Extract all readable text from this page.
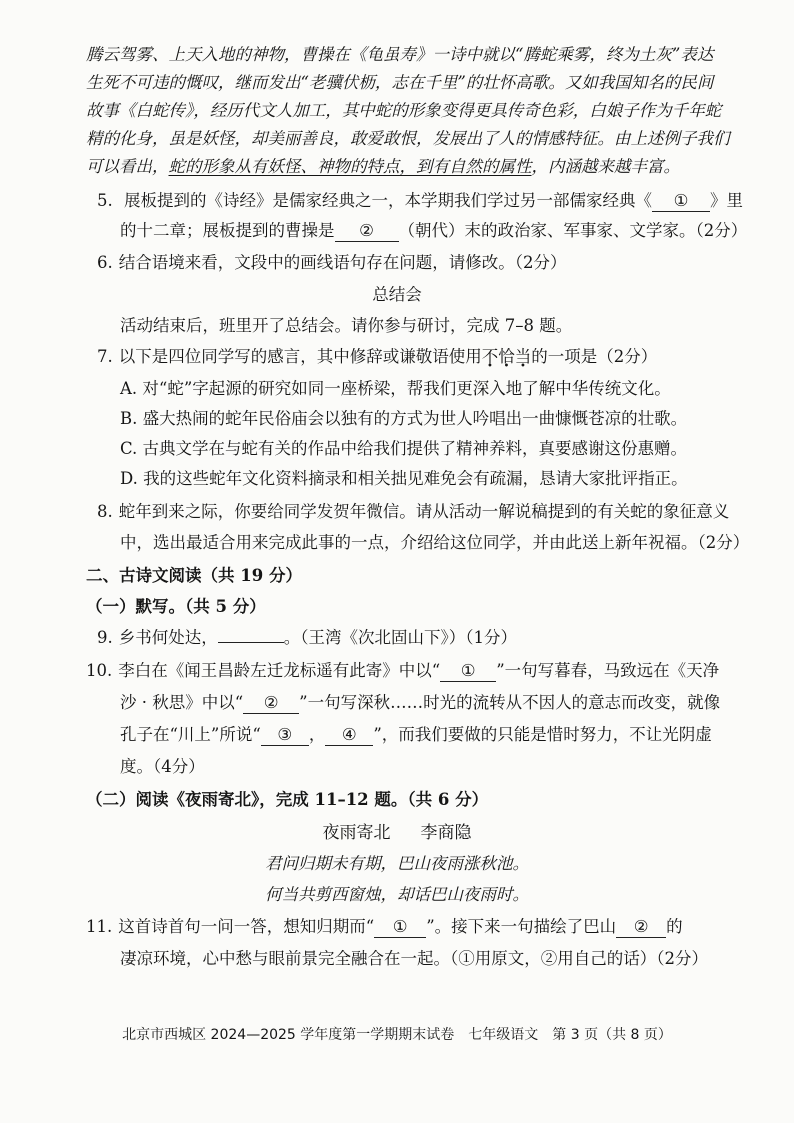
腾云驾雾、上天入地的神物，曹操在《龟虽寿》一诗中就以“腾蛇乘雾，终为土灰”表达
生死不可违的慨叹，继而发出“老骥伏枥，志在千里”的壮怀高歌。又如我国知名的民间
故事《白蛇传》，经历代文人加工，其中蛇的形象变得更具传奇色彩，白娘子作为千年蛇
精的化身，虽是妖怪，却美丽善良，敢爱敢恨，发展出了人的情感特征。由上述例子我们
可以看出，蛇的形象从有妖怪、神物的特点，到有自然的属性，内涵越来越丰富。
5. 展板提到的《诗经》是儒家经典之一，本学期我们学过另一部儒家经典《 ① 》里
的十二章；展板提到的曹操是 ② （朝代）末的政治家、军事家、文学家。（2分）
6. 结合语境来看，文段中的画线语句存在问题，请修改。（2分）
总结会
活动结束后，班里开了总结会。请你参与研讨，完成 7–8 题。
7. 以下是四位同学写的感言，其中修辞或谦敬语使用不恰当的一项是（2分）
A. 对“蛇”字起源的研究如同一座桥梁，帮我们更深入地了解中华传统文化。
B. 盛大热闹的蛇年民俗庙会以独有的方式为世人吟唱出一曲慷慨苍凉的壮歌。
C. 古典文学在与蛇有关的作品中给我们提供了精神养料，真要感谢这份惠赠。
D. 我的这些蛇年文化资料摘录和相关拙见难免会有疏漏，恳请大家批评指正。
8. 蛇年到来之际，你要给同学发贺年微信。请从活动一解说稿提到的有关蛇的象征意义
中，选出最适合用来完成此事的一点，介绍给这位同学，并由此送上新年祝福。（2分）
二、古诗文阅读（共 19 分）
（一）默写。（共 5 分）
9. 乡书何处达，	。（王湾《次北固山下》）（1分）
10. 李白在《闻王昌龄左迁龙标遥有此寄》中以“ ① ”一句写暮春，马致远在《天净
沙 · 秋思》中以“ ② ”一句写深秋……时光的流转从不因人的意志而改变，就像
孔子在“川上”所说“ ③ ， ④ ”，而我们要做的只能是惜时努力，不让光阴虚
度。（4分）
（二）阅读《夜雨寄北》，完成 11–12 题。（共 6 分）
夜雨寄北 李商隐
君问归期未有期，巴山夜雨涨秋池。
何当共剪西窗烛，却话巴山夜雨时。
11. 这首诗首句一问一答，想知归期而“ ① ”。接下来一句描绘了巴山 ② 的
凄凉环境，心中愁与眼前景完全融合在一起。（①用原文，②用自己的话）（2分）
北京市西城区 2024—2025 学年度第一学期期末试卷　七年级语文　第 3 页（共 8 页）
